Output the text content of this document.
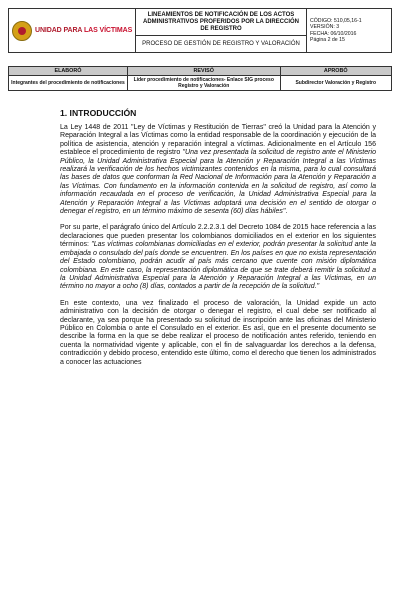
UNIDAD PARA LAS VÍCTIMAS
	LINEAMIENTOS DE NOTIFICACIÓN DE LOS ACTOS ADMINISTRATIVOS PROFERIDOS POR LA DIRECCIÓN DE REGISTRO	
CÓDIGO: 510,05,16-1
VERSIÓN: 3
FECHA: 06/10/2016
Página 2 de 15

PROCESO DE GESTIÓN DE REGISTRO Y VALORACIÓN
ELABORÓ	REVISÓ	APROBÓ
Integrantes del procedimiento de notificaciones	Líder procedimiento de notificaciones- Enlace SIG proceso Registro y Valoración	Subdirector Valoración y Registro
1. INTRODUCCIÓN

La Ley 1448 de 2011 "Ley de Víctimas y Restitución de Tierras" creó la Unidad para la Atención y Reparación Integral a las Víctimas como la entidad responsable de la coordinación y ejecución de la política de asistencia, atención y reparación integral a víctimas. Adicionalmente en el Artículo 156 establece el procedimiento de registro "Una vez presentada la solicitud de registro ante el Ministerio Público, la Unidad Administrativa Especial para la Atención y Reparación Integral a las Víctimas realizará la verificación de los hechos victimizantes contenidos en la misma, para lo cual consultará las bases de datos que conforman la Red Nacional de Información para la Atención y Reparación a las Víctimas. Con fundamento en la información contenida en la solicitud de registro, así como la información recaudada en el proceso de verificación, la Unidad Administrativa Especial para la Atención y Reparación Integral a las Víctimas adoptará una decisión en el sentido de otorgar o denegar el registro, en un término máximo de sesenta (60) días hábiles".

Por su parte, el parágrafo único del Artículo 2.2.2.3.1 del Decreto 1084 de 2015 hace referencia a las declaraciones que pueden presentar los colombianos domiciliados en el exterior en los siguientes términos: "Las víctimas colombianas domiciliadas en el exterior, podrán presentar la solicitud ante la embajada o consulado del país donde se encuentren. En los países en que no exista representación del Estado colombiano, podrán acudir al país más cercano que cuente con misión diplomática colombiana. En este caso, la representación diplomática de que se trate deberá remitir la solicitud a la Unidad Administrativa Especial para la Atención y Reparación Integral a las Víctimas, en un término no mayor a ocho (8) días, contados a partir de la recepción de la solicitud."

En este contexto, una vez finalizado el proceso de valoración, la Unidad expide un acto administrativo con la decisión de otorgar o denegar el registro, el cual debe ser notificado al declarante, ya sea porque ha presentado su solicitud de inscripción ante las oficinas del Ministerio Público en Colombia o ante el Consulado en el exterior. Es así, que en el presente documento se describe la forma en la que se debe realizar el proceso de notificación antes referido, teniendo en cuenta la normatividad vigente y aplicable, con el fin de salvaguardar los derechos a la defensa, contradicción y debido proceso, entendido este último, como el derecho que tienen los administrados a conocer las actuaciones
